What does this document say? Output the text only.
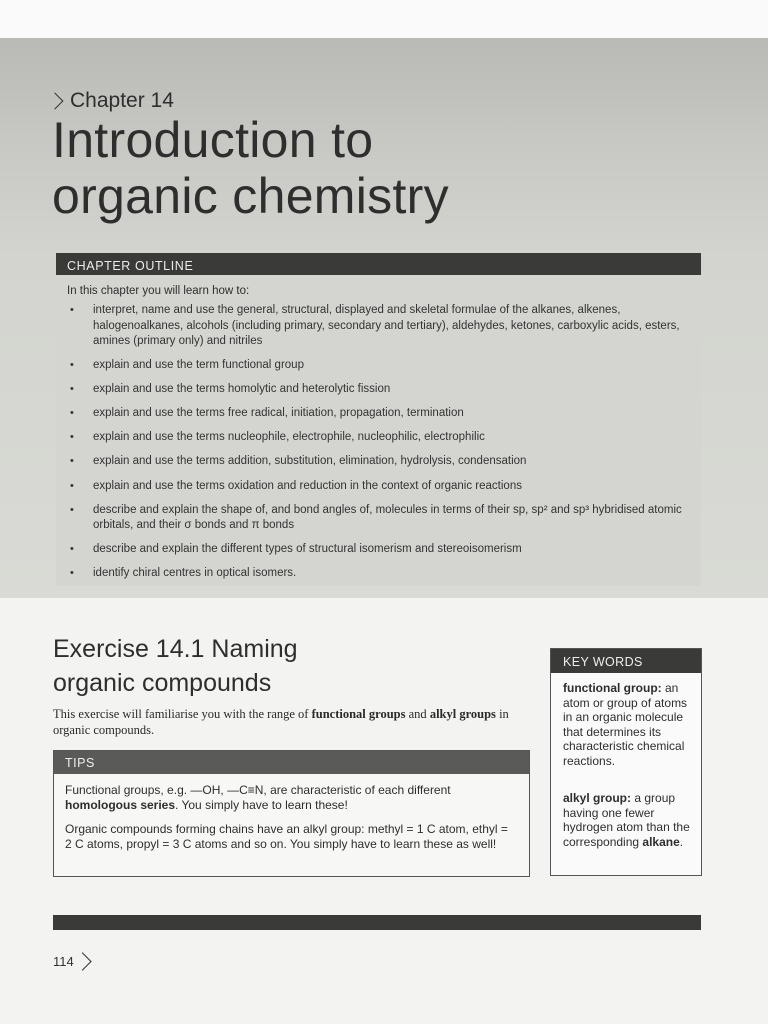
Chapter 14
Introduction to
organic chemistry
CHAPTER OUTLINE
In this chapter you will learn how to:
• interpret, name and use the general, structural, displayed and skeletal formulae of the alkanes, alkenes, halogenoalkanes, alcohols (including primary, secondary and tertiary), aldehydes, ketones, carboxylic acids, esters, amines (primary only) and nitriles
• explain and use the term functional group
• explain and use the terms homolytic and heterolytic fission
• explain and use the terms free radical, initiation, propagation, termination
• explain and use the terms nucleophile, electrophile, nucleophilic, electrophilic
• explain and use the terms addition, substitution, elimination, hydrolysis, condensation
• explain and use the terms oxidation and reduction in the context of organic reactions
• describe and explain the shape of, and bond angles of, molecules in terms of their sp, sp² and sp³ hybridised atomic orbitals, and their σ bonds and π bonds
• describe and explain the different types of structural isomerism and stereoisomerism
• identify chiral centres in optical isomers.
Exercise 14.1 Naming
organic compounds

This exercise will familiarise you with the range of functional groups and alkyl groups in organic compounds.

TIPS

Functional groups, e.g. —OH, —C≡N, are characteristic of each different homologous series. You simply have to learn these!

Organic compounds forming chains have an alkyl group: methyl = 1 C atom, ethyl = 2 C atoms, propyl = 3 C atoms and so on. You simply have to learn these as well!

KEY WORDS

functional group: an atom or group of atoms in an organic molecule that determines its characteristic chemical reactions.

alkyl group: a group having one fewer hydrogen atom than the corresponding alkane.

114
